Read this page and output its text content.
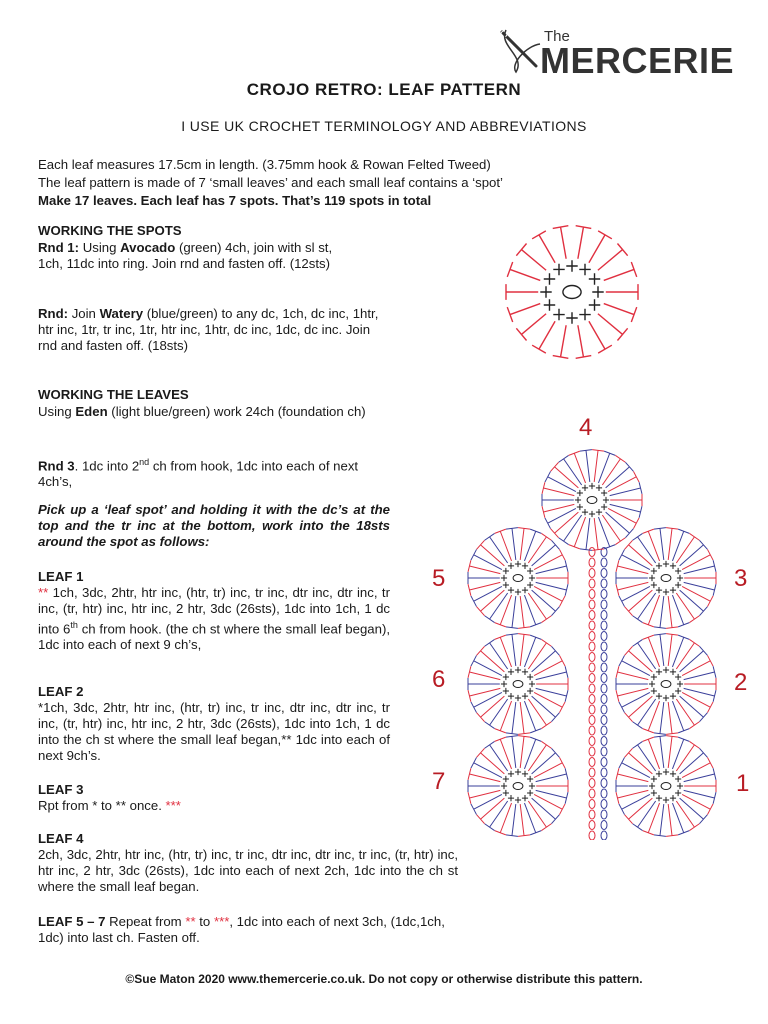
The
MERCERIE
CROJO RETRO: LEAF PATTERN
I USE UK CROCHET TERMINOLOGY AND ABBREVIATIONS
Each leaf measures 17.5cm in length. (3.75mm hook & Rowan Felted Tweed)
The leaf pattern is made of 7 ‘small leaves’ and each small leaf contains a ‘spot’
Make 17 leaves. Each leaf has 7 spots. That’s 119 spots in total
WORKING THE SPOTS
Rnd 1: Using Avocado (green) 4ch, join with sl st, 1ch, 11dc into ring. Join rnd and fasten off. (12sts)
Rnd: Join Watery (blue/green) to any dc, 1ch, dc inc, 1htr, htr inc, 1tr, tr inc, 1tr, htr inc, 1htr, dc inc, 1dc, dc inc. Join rnd and fasten off. (18sts)
WORKING THE LEAVES
Using Eden (light blue/green) work 24ch (foundation ch)
Rnd 3. 1dc into 2nd ch from hook, 1dc into each of next 4ch’s,
Pick up a ‘leaf spot’ and holding it with the dc’s at the top and the tr inc at the bottom, work into the 18sts around the spot as follows:
LEAF 1
** 1ch, 3dc, 2htr, htr inc, (htr, tr) inc, tr inc, dtr inc, dtr inc, tr inc, (tr, htr) inc, htr inc, 2 htr, 3dc (26sts), 1dc into 1ch, 1 dc into 6th ch from hook. (the ch st where the small leaf began), 1dc into each of next 9 ch’s,
LEAF 2
*1ch, 3dc, 2htr, htr inc, (htr, tr) inc, tr inc, dtr inc, dtr inc, tr inc, (tr, htr) inc, htr inc, 2 htr, 3dc (26sts), 1dc into 1ch, 1 dc into the ch st where the small leaf began,** 1dc into each of next 9ch’s.
LEAF 3
Rpt from * to ** once. ***
LEAF 4
2ch, 3dc, 2htr, htr inc, (htr, tr) inc, tr inc, dtr inc, dtr inc, tr inc, (tr, htr) inc, htr inc, 2 htr, 3dc (26sts), 1dc into each of next 2ch, 1dc into the ch st where the small leaf began.
LEAF 5 – 7 Repeat from ** to ***, 1dc into each of next 3ch, (1dc,1ch, 1dc) into last ch. Fasten off.
4
5	3
6	2
7	1
©Sue Maton 2020 www.themercerie.co.uk. Do not copy or otherwise distribute this pattern.
